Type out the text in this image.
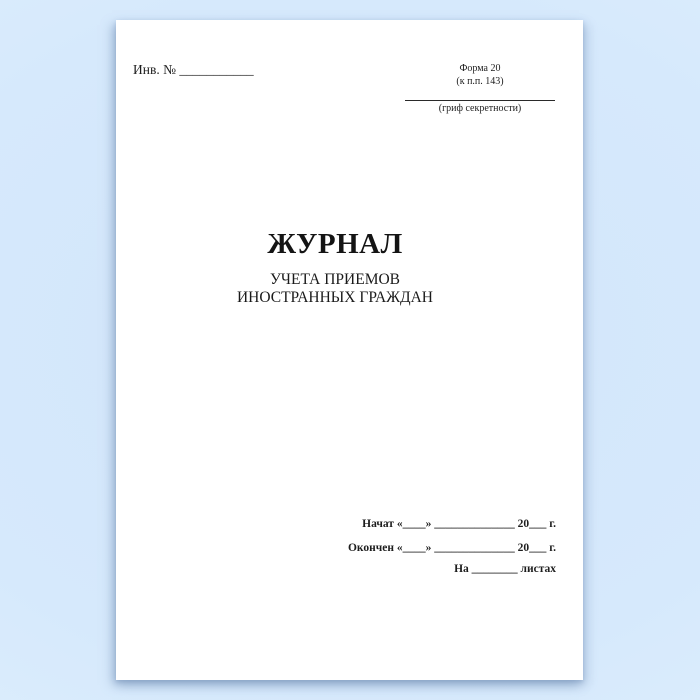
Инв. № ___________	Форма 20
(к п.п. 143)
(гриф секретности)
ЖУРНАЛ
УЧЕТА ПРИЕМОВ
ИНОСТРАННЫХ ГРАЖДАН
Начат «____» ______________ 20___ г.
Окончен «____» ______________ 20___ г.
На ________ листах
